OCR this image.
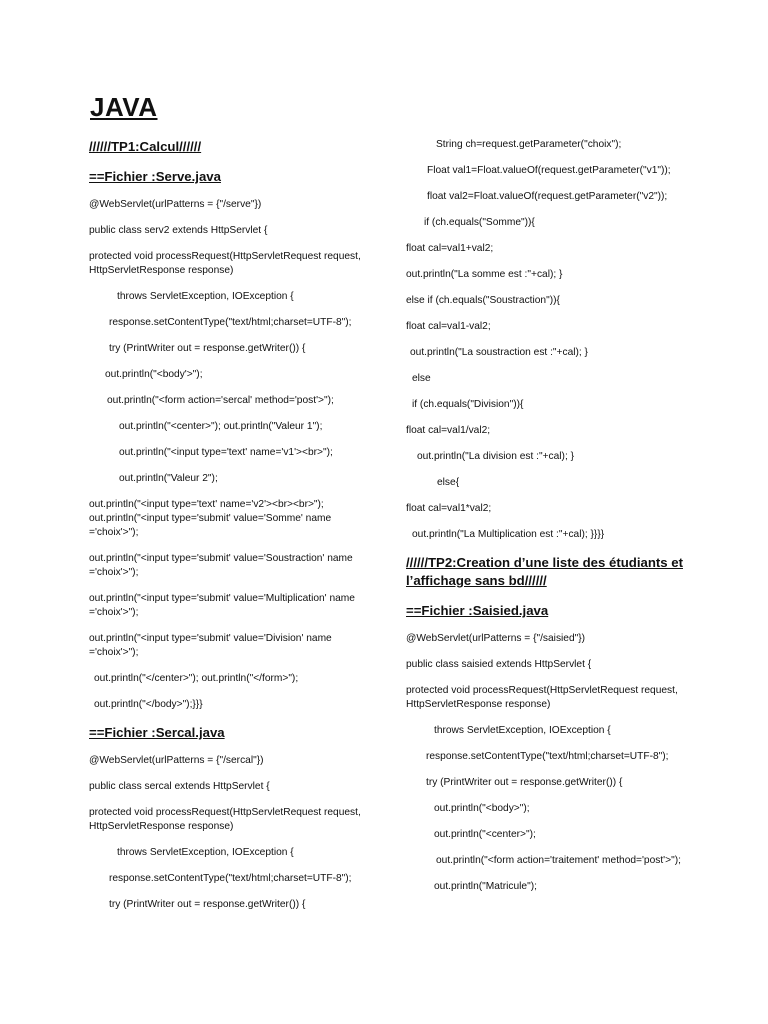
JAVA
//////TP1:Calcul//////
==Fichier :Serve.java

@WebServlet(urlPatterns = {"/serve"})

public class serv2 extends HttpServlet {

protected void processRequest(HttpServletRequest request, HttpServletResponse response)

throws ServletException, IOException {

response.setContentType("text/html;charset=UTF-8");

try (PrintWriter out = response.getWriter()) {

out.println("<body'>");

out.println("<form action='sercal' method='post'>");

out.println("<center>"); out.println("Valeur 1");

out.println("<input type='text' name='v1'><br>");

out.println("Valeur 2");

out.println("<input type='text' name='v2'><br><br>"); out.println("<input type='submit' value='Somme' name ='choix'>");

out.println("<input type='submit' value='Soustraction' name ='choix'>");

out.println("<input type='submit' value='Multiplication' name ='choix'>");

out.println("<input type='submit' value='Division' name ='choix'>");

out.println("</center>"); out.println("</form>");

out.println("</body>");}}}

==Fichier :Sercal.java

@WebServlet(urlPatterns = {"/sercal"})

public class sercal extends HttpServlet {

protected void processRequest(HttpServletRequest request, HttpServletResponse response)

throws ServletException, IOException {

response.setContentType("text/html;charset=UTF-8");

try (PrintWriter out = response.getWriter()) {

String ch=request.getParameter("choix");

Float val1=Float.valueOf(request.getParameter("v1"));

float val2=Float.valueOf(request.getParameter("v2"));

if (ch.equals("Somme")){

float cal=val1+val2;

out.println("La somme est :"+cal); }

else if (ch.equals("Soustraction")){

float cal=val1-val2;

out.println("La soustraction est :"+cal); }

else

if (ch.equals("Division")){

float cal=val1/val2;

out.println("La division est :"+cal); }

else{

float cal=val1*val2;

out.println("La Multiplication est :"+cal); }}}}

//////TP2:Creation d’une liste des étudiants et l’affichage sans bd//////
==Fichier :Saisied.java

@WebServlet(urlPatterns = {"/saisied"})

public class saisied extends HttpServlet {

protected void processRequest(HttpServletRequest request, HttpServletResponse response)

throws ServletException, IOException {

response.setContentType("text/html;charset=UTF-8");

try (PrintWriter out = response.getWriter()) {

out.println("<body>");

out.println("<center>");

out.println("<form action='traitement' method='post'>");

out.println("Matricule");
